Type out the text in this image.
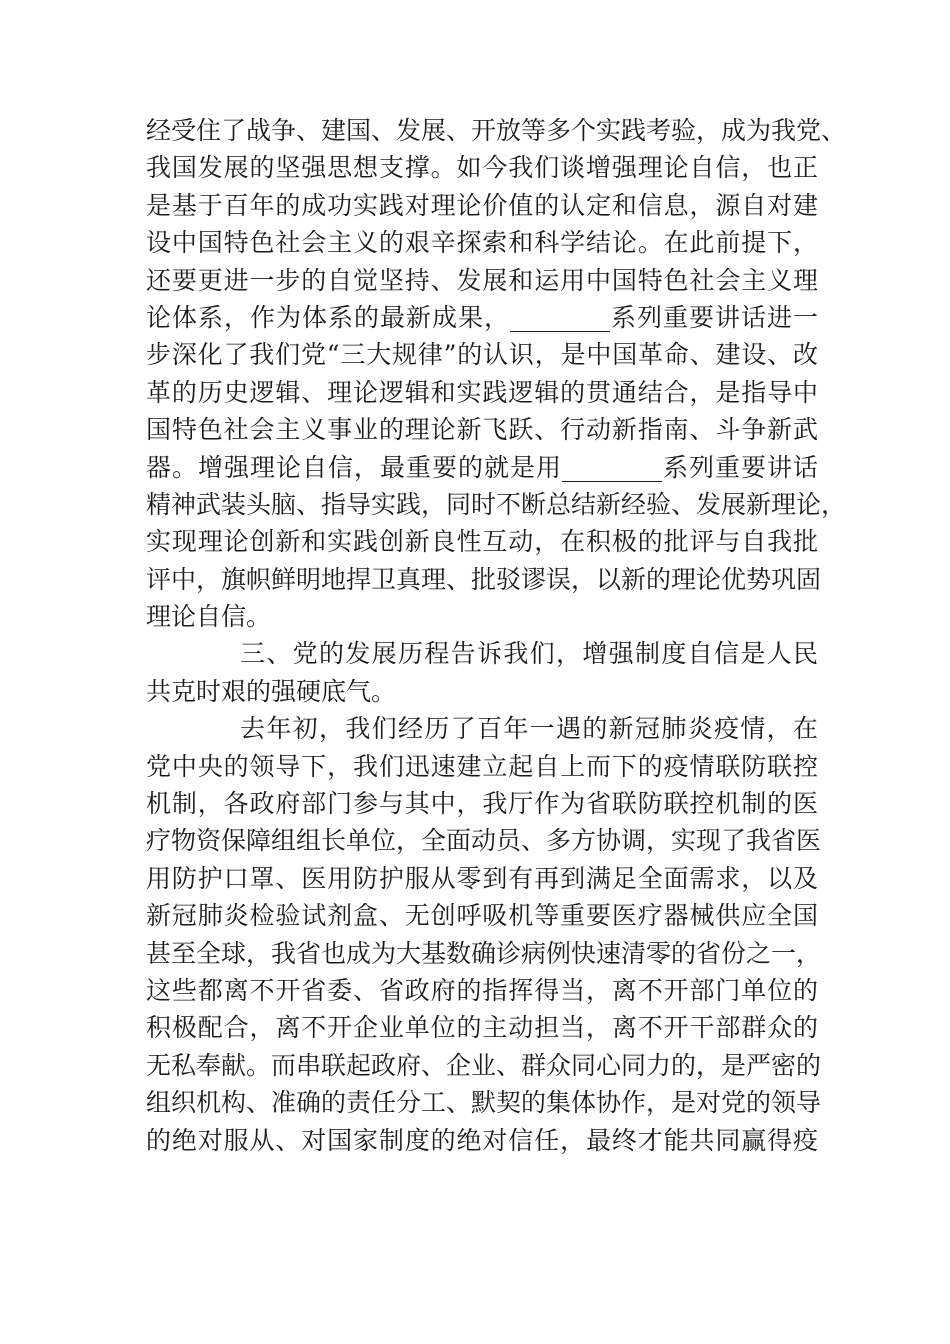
经受住了战争、建国、发展、开放等多个实践考验，成为我党、
我国发展的坚强思想支撑。如今我们谈增强理论自信，也正
是基于百年的成功实践对理论价值的认定和信息，源自对建
设中国特色社会主义的艰辛探索和科学结论。在此前提下，
还要更进一步的自觉坚持、发展和运用中国特色社会主义理
论体系，作为体系的最新成果，________系列重要讲话进一
步深化了我们党“三大规律”的认识，是中国革命、建设、改
革的历史逻辑、理论逻辑和实践逻辑的贯通结合，是指导中
国特色社会主义事业的理论新飞跃、行动新指南、斗争新武
器。增强理论自信，最重要的就是用________系列重要讲话
精神武装头脑、指导实践，同时不断总结新经验、发展新理论，
实现理论创新和实践创新良性互动，在积极的批评与自我批
评中，旗帜鲜明地捍卫真理、批驳谬误，以新的理论优势巩固
理论自信。
三、党的发展历程告诉我们，增强制度自信是人民
共克时艰的强硬底气。
去年初，我们经历了百年一遇的新冠肺炎疫情，在
党中央的领导下，我们迅速建立起自上而下的疫情联防联控
机制，各政府部门参与其中，我厅作为省联防联控机制的医
疗物资保障组组长单位，全面动员、多方协调，实现了我省医
用防护口罩、医用防护服从零到有再到满足全面需求，以及
新冠肺炎检验试剂盒、无创呼吸机等重要医疗器械供应全国
甚至全球，我省也成为大基数确诊病例快速清零的省份之一，
这些都离不开省委、省政府的指挥得当，离不开部门单位的
积极配合，离不开企业单位的主动担当，离不开干部群众的
无私奉献。而串联起政府、企业、群众同心同力的，是严密的
组织机构、准确的责任分工、默契的集体协作，是对党的领导
的绝对服从、对国家制度的绝对信任，最终才能共同赢得疫
